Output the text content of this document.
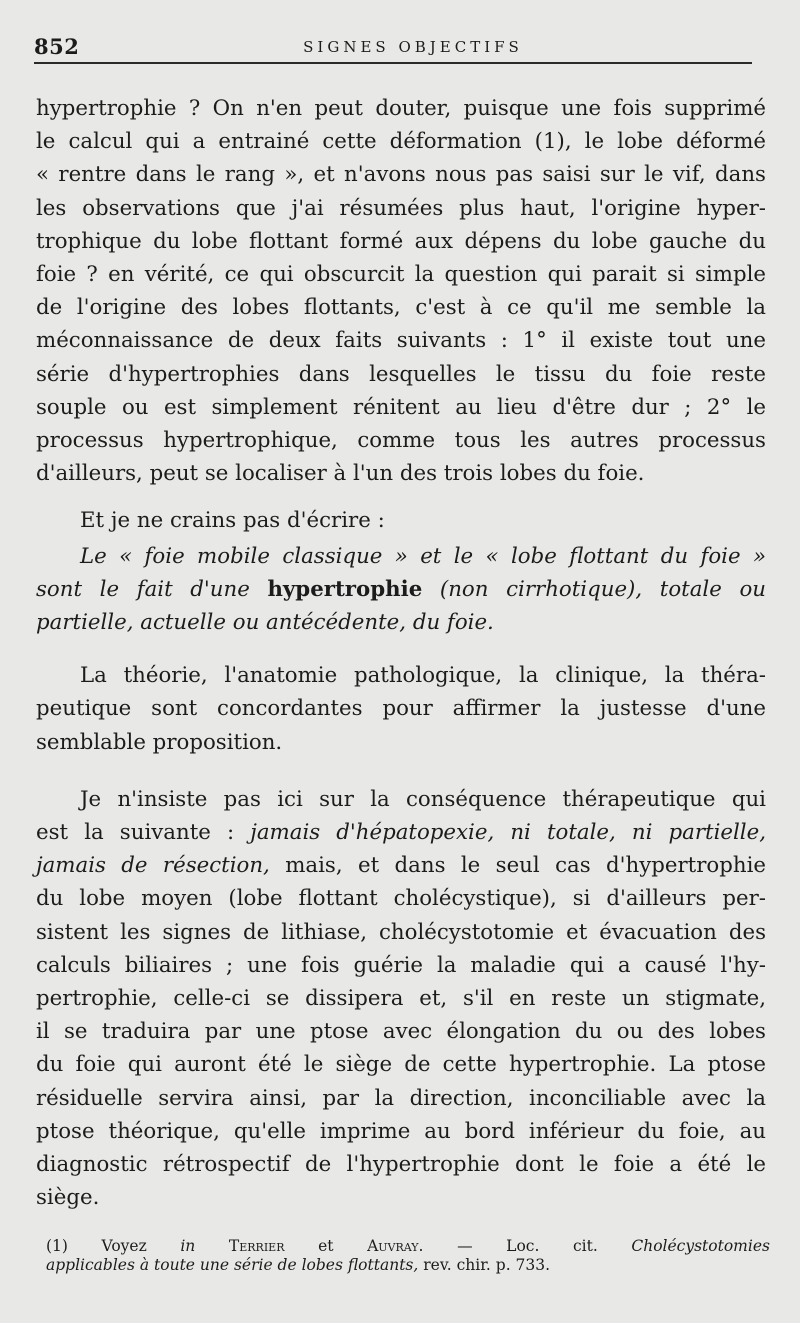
852	SIGNES OBJECTIFS
hypertrophie ? On n'en peut douter, puisque une fois supprimé
le calcul qui a entrainé cette déformation (1), le lobe déformé
« rentre dans le rang », et n'avons nous pas saisi sur le vif, dans
les observations que j'ai résumées plus haut, l'origine hyper-
trophique du lobe flottant formé aux dépens du lobe gauche du
foie ? en vérité, ce qui obscurcit la question qui parait si simple
de l'origine des lobes flottants, c'est à ce qu'il me semble la
méconnaissance de deux faits suivants : 1° il existe tout une
série d'hypertrophies dans lesquelles le tissu du foie reste
souple ou est simplement rénitent au lieu d'être dur ; 2° le
processus hypertrophique, comme tous les autres processus
d'ailleurs, peut se localiser à l'un des trois lobes du foie.
Et je ne crains pas d'écrire :
Le « foie mobile classique » et le « lobe flottant du foie »
sont le fait d'une hypertrophie (non cirrhotique), totale ou
partielle, actuelle ou antécédente, du foie.
La théorie, l'anatomie pathologique, la clinique, la théra-
peutique sont concordantes pour affirmer la justesse d'une
semblable proposition.
Je n'insiste pas ici sur la conséquence thérapeutique qui
est la suivante : jamais d'hépatopexie, ni totale, ni partielle,
jamais de résection, mais, et dans le seul cas d'hypertrophie
du lobe moyen (lobe flottant cholécystique), si d'ailleurs per-
sistent les signes de lithiase, cholécystotomie et évacuation des
calculs biliaires ; une fois guérie la maladie qui a causé l'hy-
pertrophie, celle-ci se dissipera et, s'il en reste un stigmate,
il se traduira par une ptose avec élongation du ou des lobes
du foie qui auront été le siège de cette hypertrophie. La ptose
résiduelle servira ainsi, par la direction, inconciliable avec la
ptose théorique, qu'elle imprime au bord inférieur du foie, au
diagnostic rétrospectif de l'hypertrophie dont le foie a été le
siège.
(1) Voyez in Terrier et Auvray. — Loc. cit. Cholécystotomies
applicables à toute une série de lobes flottants, rev. chir. p. 733.
